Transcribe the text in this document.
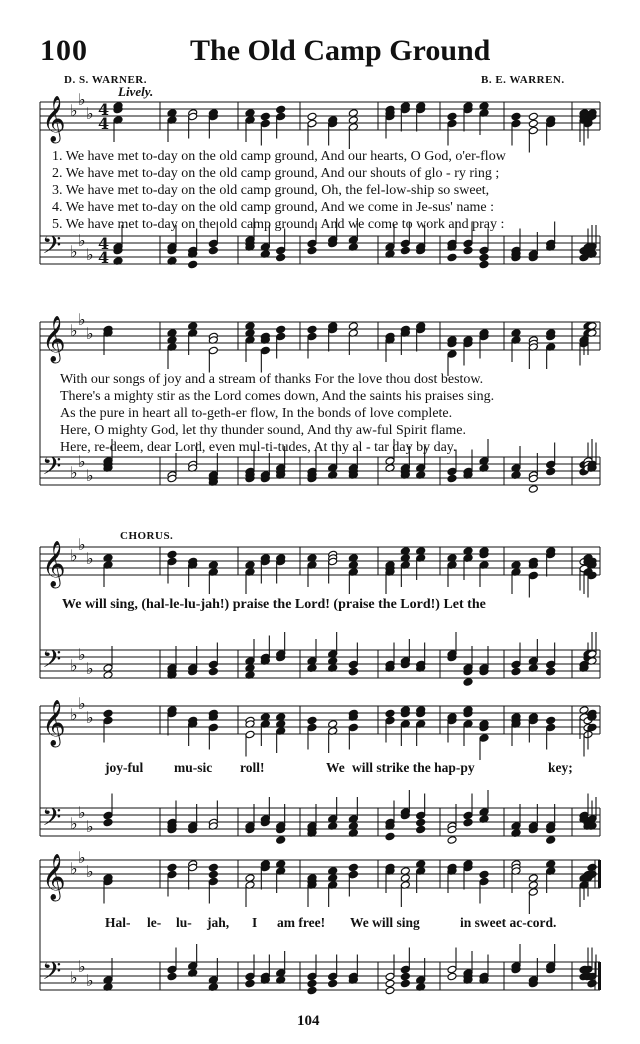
100	The Old Camp Ground
D. S. WARNER.	B. E. WARREN.
Lively.
𝄞 ♭
♭
♭ 4
4
𝄢 ♭
♭
♭
4
4
𝄞 ♭
♭
♭
𝄢 ♭
♭
♭
𝄞 ♭
♭
♭
𝄢 ♭
♭
♭
𝄞 ♭
♭
♭
𝄢 ♭
♭
♭
𝄞 ♭
♭
♭
𝄢 ♭
♭
♭
1. We have met to-day on the old camp ground, And our hearts, O God, o'er-flow
2. We have met to-day on the old camp ground, And our shouts of glo - ry ring ;
3. We have met to-day on the old camp ground, Oh, the fel-low-ship so sweet,
4. We have met to-day on the old camp ground, And we come in Je-sus' name :
5. We have met to-day on the old camp ground, And we come to work and pray :
With our songs of joy and a stream of thanks For the love thou dost bestow.
There's a mighty stir as the Lord comes down, And the saints his praises sing.
As the pure in heart all to-geth-er flow, In the bonds of love complete.
Here, O mighty God, let thy thunder sound, And thy aw-ful Spirit flame.
Here, re-deem, dear Lord, even mul-ti-tudes, At thy al - tar day by day.
CHORUS.
We will sing, (hal-le-lu-jah!) praise the Lord! (praise the Lord!) Let the
joy-ful mu-sic roll!	We will strike the hap-py	key;
Hal- le- lu- jah, I am free! We will sing	in sweet ac-cord.
104
